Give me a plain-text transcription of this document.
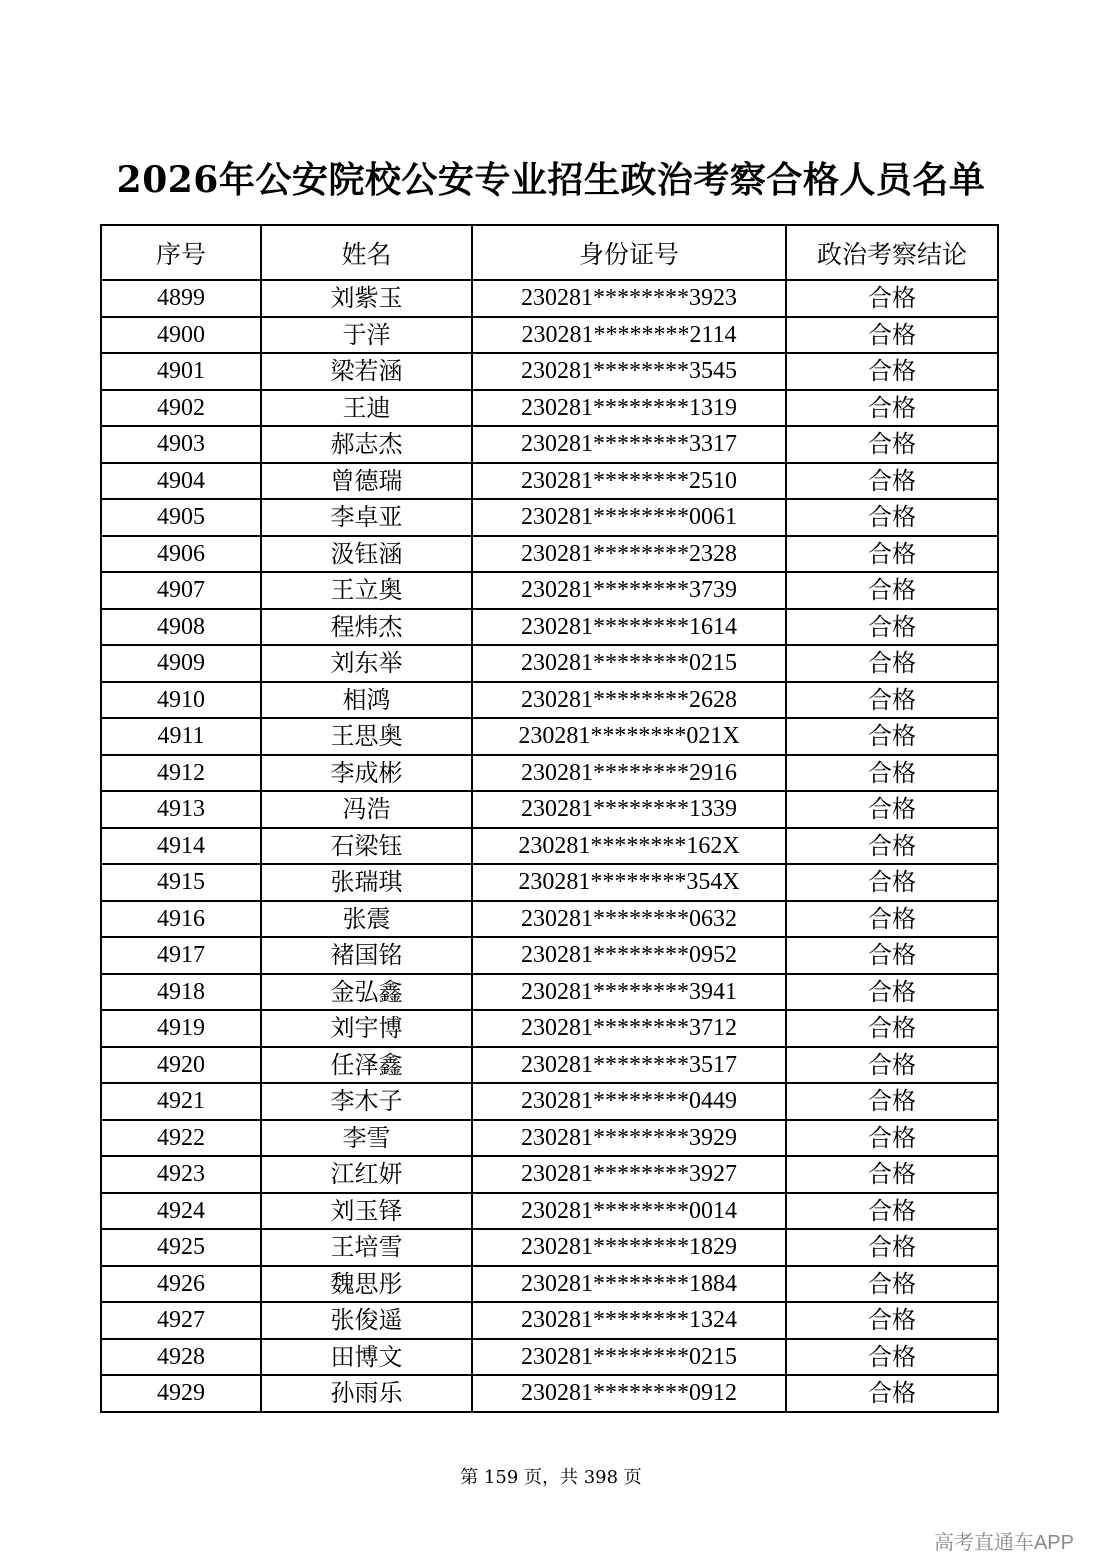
2026年公安院校公安专业招生政治考察合格人员名单
序号	姓名	身份证号	政治考察结论
4899	刘紫玉	230281********3923	合格
4900	于洋	230281********2114	合格
4901	梁若涵	230281********3545	合格
4902	王迪	230281********1319	合格
4903	郝志杰	230281********3317	合格
4904	曾德瑞	230281********2510	合格
4905	李卓亚	230281********0061	合格
4906	汲钰涵	230281********2328	合格
4907	王立奥	230281********3739	合格
4908	程炜杰	230281********1614	合格
4909	刘东举	230281********0215	合格
4910	相鸿	230281********2628	合格
4911	王思奥	230281********021X	合格
4912	李成彬	230281********2916	合格
4913	冯浩	230281********1339	合格
4914	石梁钰	230281********162X	合格
4915	张瑞琪	230281********354X	合格
4916	张震	230281********0632	合格
4917	褚国铭	230281********0952	合格
4918	金弘鑫	230281********3941	合格
4919	刘宇博	230281********3712	合格
4920	任泽鑫	230281********3517	合格
4921	李木子	230281********0449	合格
4922	李雪	230281********3929	合格
4923	江红妍	230281********3927	合格
4924	刘玉铎	230281********0014	合格
4925	王培雪	230281********1829	合格
4926	魏思彤	230281********1884	合格
4927	张俊遥	230281********1324	合格
4928	田博文	230281********0215	合格
4929	孙雨乐	230281********0912	合格
第 159 页，共 398 页
高考直通车APP
